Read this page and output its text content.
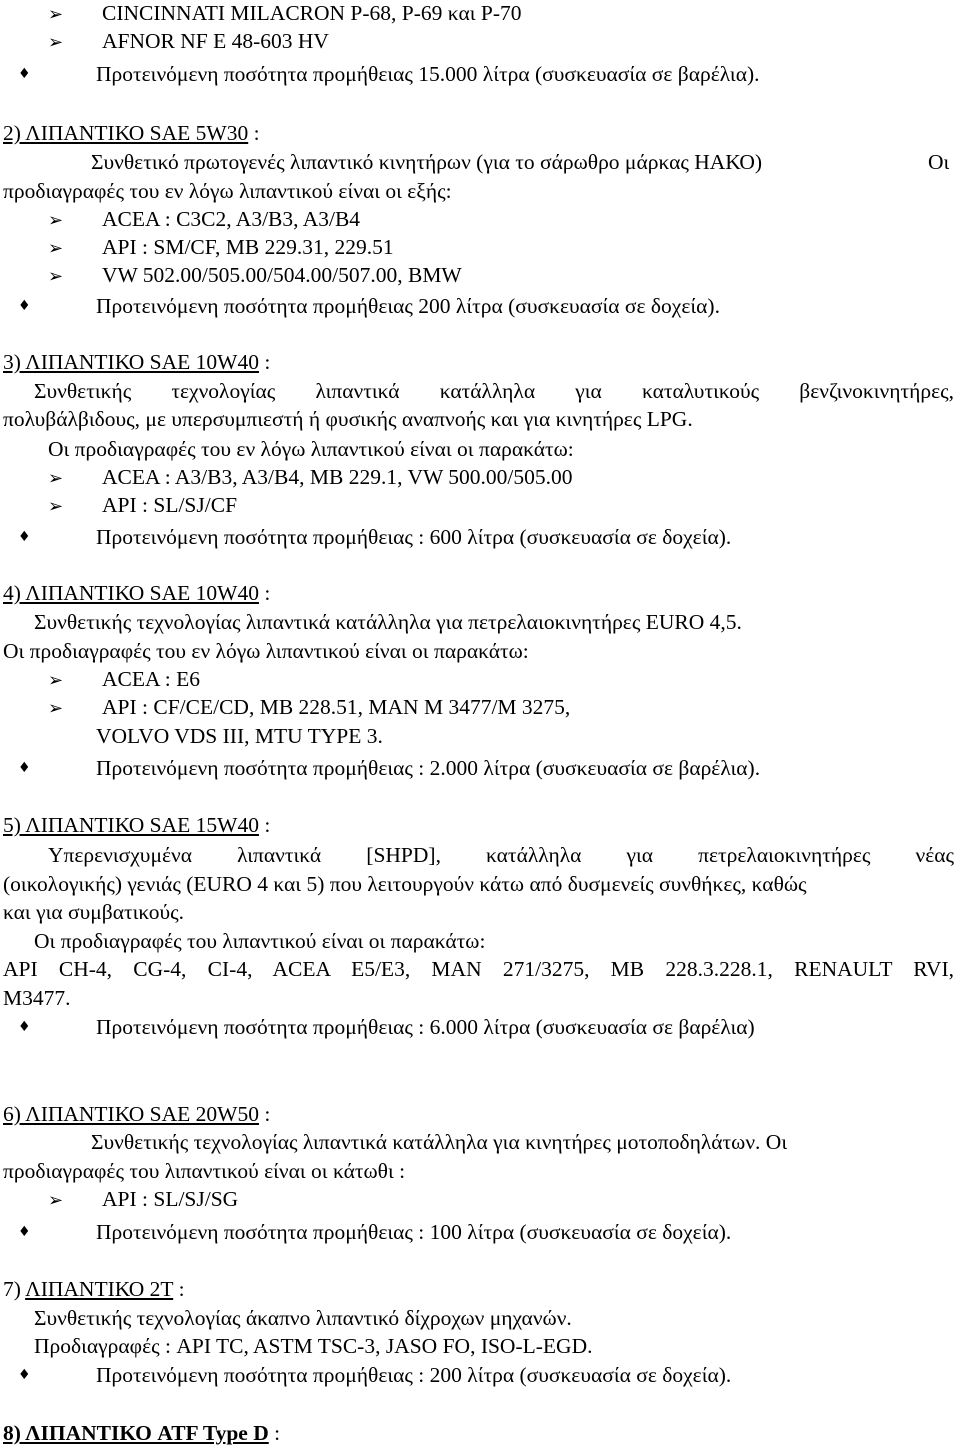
➢ CINCINNATI MILACRON P-68, P-69 και P-70
➢ AFNOR NF E 48-603 HV
♦	Προτεινόμενη ποσότητα προμήθειας 15.000 λίτρα (συσκευασία σε βαρέλια).
2) ΛΙΠΑΝΤΙΚΟ SAE 5W30 :
Συνθετικό πρωτογενές λιπαντικό κινητήρων (για το σάρωθρο μάρκας ΗΑΚΟ)	Οι
προδιαγραφές του εν λόγω λιπαντικού είναι οι εξής:
➢ ACEA : C3C2, A3/B3, A3/B4
➢ API : SM/CF, MB 229.31, 229.51
➢ VW 502.00/505.00/504.00/507.00, BMW
♦	Προτεινόμενη ποσότητα προμήθειας 200 λίτρα (συσκευασία σε δοχεία).
3) ΛΙΠΑΝΤΙΚΟ SAE 10W40 :
Συνθετικής τεχνολογίας λιπαντικά κατάλληλα για καταλυτικούς βενζινοκινητήρες,
πολυβάλβιδους, με υπερσυμπιεστή ή φυσικής αναπνοής και για κινητήρες LPG.
Οι προδιαγραφές του εν λόγω λιπαντικού είναι οι παρακάτω:
➢ ACEA : A3/B3, A3/B4, MB 229.1, VW 500.00/505.00
➢ API : SL/SJ/CF
♦	Προτεινόμενη ποσότητα προμήθειας : 600 λίτρα (συσκευασία σε δοχεία).
4) ΛΙΠΑΝΤΙΚΟ SAE 10W40 :
Συνθετικής τεχνολογίας λιπαντικά κατάλληλα για πετρελαιοκινητήρες EURO 4,5.
Οι προδιαγραφές του εν λόγω λιπαντικού είναι οι παρακάτω:
➢ ACEA : E6
➢ API : CF/CE/CD, MB 228.51, MAN M 3477/M 3275,
VOLVO VDS III, MTU TYPE 3.
♦	Προτεινόμενη ποσότητα προμήθειας : 2.000 λίτρα (συσκευασία σε βαρέλια).
5) ΛΙΠΑΝΤΙΚΟ SAE 15W40 :
Υπερενισχυμένα λιπαντικά [SHPD], κατάλληλα για πετρελαιοκινητήρες νέας
(οικολογικής) γενιάς (EURO 4 και 5) που λειτουργούν κάτω από δυσμενείς συνθήκες, καθώς
και για συμβατικούς.
Οι προδιαγραφές του λιπαντικού είναι οι παρακάτω:
API CH-4, CG-4, CI-4, ACEA E5/E3, MAN 271/3275, MB 228.3.228.1, RENAULT RVI,
M3477.
♦	Προτεινόμενη ποσότητα προμήθειας : 6.000 λίτρα (συσκευασία σε βαρέλια)
6) ΛΙΠΑΝΤΙΚΟ SAE 20W50 :
Συνθετικής τεχνολογίας λιπαντικά κατάλληλα για κινητήρες μοτοποδηλάτων. Οι
προδιαγραφές του λιπαντικού είναι οι κάτωθι :
➢ API : SL/SJ/SG
♦	Προτεινόμενη ποσότητα προμήθειας : 100 λίτρα (συσκευασία σε δοχεία).
7) ΛΙΠΑΝΤΙΚΟ 2T :
Συνθετικής τεχνολογίας άκαπνο λιπαντικό δίχρoχων μηχανών.
Προδιαγραφές : API TC, ASTM TSC-3, JASO FO, ISO-L-EGD.
♦	Προτεινόμενη ποσότητα προμήθειας : 200 λίτρα (συσκευασία σε δοχεία).
8) ΛΙΠΑΝΤΙΚΟ ATF Type D :
